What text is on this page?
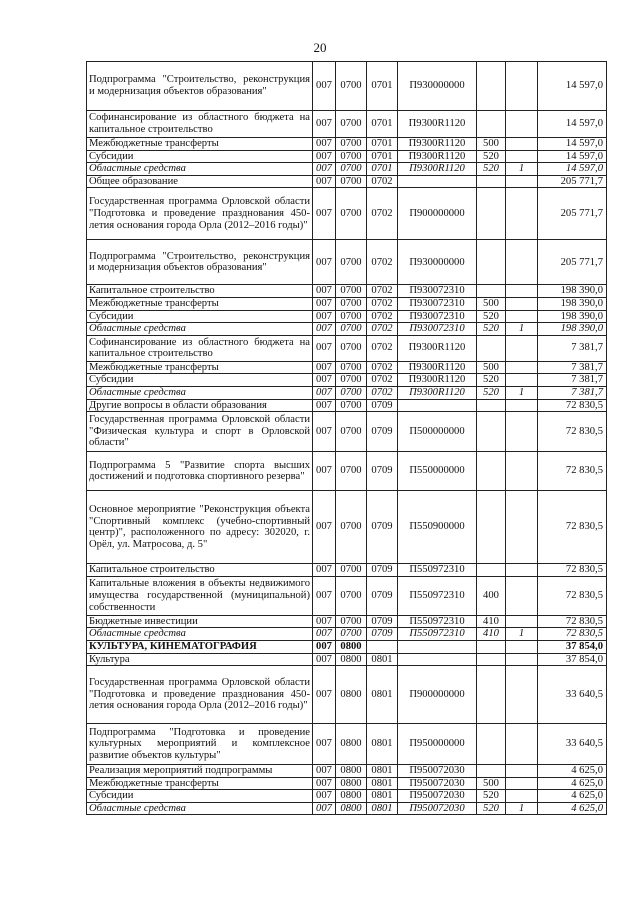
20
Подпрограмма "Строительство, реконструкция и модернизация объектов образования"	007	0700	0701	П930000000			14 597,0
Софинансирование из областного бюджета на капитальное строительство	007	0700	0701	П9300R1120			14 597,0
Межбюджетные трансферты	007	0700	0701	П9300R1120	500		14 597,0
Субсидии	007	0700	0701	П9300R1120	520		14 597,0
Областные средства	007	0700	0701	П9300R1120	520	1	14 597,0
Общее образование	007	0700	0702				205 771,7
Государственная программа Орловской области "Подготовка и проведение празднования 450-летия основания города Орла (2012–2016 годы)"	007	0700	0702	П900000000			205 771,7
Подпрограмма "Строительство, реконструкция и модернизация объектов образования"	007	0700	0702	П930000000			205 771,7
Капитальное строительство	007	0700	0702	П930072310			198 390,0
Межбюджетные трансферты	007	0700	0702	П930072310	500		198 390,0
Субсидии	007	0700	0702	П930072310	520		198 390,0
Областные средства	007	0700	0702	П930072310	520	1	198 390,0
Софинансирование из областного бюджета на капитальное строительство	007	0700	0702	П9300R1120			7 381,7
Межбюджетные трансферты	007	0700	0702	П9300R1120	500		7 381,7
Субсидии	007	0700	0702	П9300R1120	520		7 381,7
Областные средства	007	0700	0702	П9300R1120	520	1	7 381,7
Другие вопросы в области образования	007	0700	0709				72 830,5
Государственная программа Орловской области "Физическая культура и спорт в Орловской области"	007	0700	0709	П500000000			72 830,5
Подпрограмма 5 "Развитие спорта высших достижений и подготовка спортивного резерва"	007	0700	0709	П550000000			72 830,5
Основное мероприятие "Реконструкция объекта "Спортивный комплекс (учебно-спортивный центр)", расположенного по адресу: 302020, г. Орёл, ул. Матросова, д. 5"	007	0700	0709	П550900000			72 830,5
Капитальное строительство	007	0700	0709	П550972310			72 830,5
Капитальные вложения в объекты недвижимого имущества государственной (муниципальной) собственности	007	0700	0709	П550972310	400		72 830,5
Бюджетные инвестиции	007	0700	0709	П550972310	410		72 830,5
Областные средства	007	0700	0709	П550972310	410	1	72 830,5
КУЛЬТУРА, КИНЕМАТОГРАФИЯ	007	0800					37 854,0
Культура	007	0800	0801				37 854,0
Государственная программа Орловской области "Подготовка и проведение празднования 450-летия основания города Орла (2012–2016 годы)"	007	0800	0801	П900000000			33 640,5
Подпрограмма "Подготовка и проведение культурных мероприятий и комплексное развитие объектов культуры"	007	0800	0801	П950000000			33 640,5
Реализация мероприятий подпрограммы	007	0800	0801	П950072030			4 625,0
Межбюджетные трансферты	007	0800	0801	П950072030	500		4 625,0
Субсидии	007	0800	0801	П950072030	520		4 625,0
Областные средства	007	0800	0801	П950072030	520	1	4 625,0
